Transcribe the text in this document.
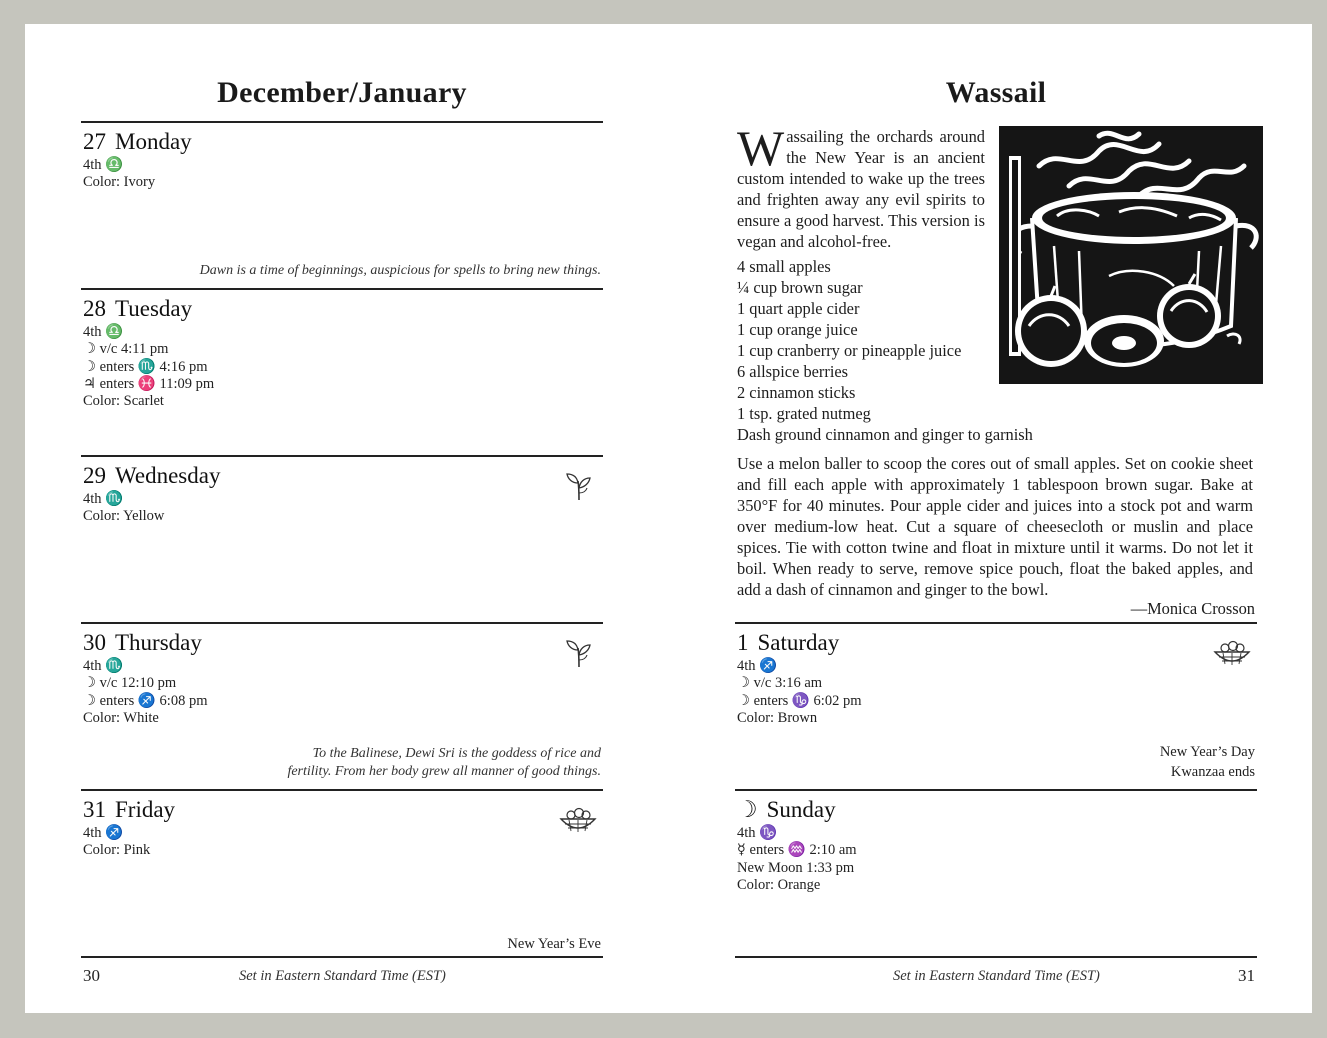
December/January
27 Monday
4th ♎
Color: Ivory
Dawn is a time of beginnings, auspicious for spells to bring new things.
28 Tuesday
4th ♎
☽ v/c 4:11 pm
☽ enters ♏ 4:16 pm
♃ enters ♓ 11:09 pm
Color: Scarlet
29 Wednesday
4th ♏
Color: Yellow
30 Thursday
4th ♏
☽ v/c 12:10 pm
☽ enters ♐ 6:08 pm
Color: White
To the Balinese, Dewi Sri is the goddess of rice and
fertility. From her body grew all manner of good things.
31 Friday
4th ♐
Color: Pink
New Year’s Eve
30	Set in Eastern Standard Time (EST)
Wassail
Wassailing the orchards around the New Year is an ancient custom intended to wake up the trees and frighten away any evil spirits to ensure a good harvest. This version is vegan and alcohol-free.
4 small apples
¼ cup brown sugar
1 quart apple cider
1 cup orange juice
1 cup cranberry or pineapple juice
6 allspice berries
2 cinnamon sticks
1 tsp. grated nutmeg
Dash ground cinnamon and ginger to garnish
Use a melon baller to scoop the cores out of small apples. Set on cookie sheet and fill each apple with approximately 1 tablespoon brown sugar. Bake at 350°F for 40 minutes. Pour apple cider and juices into a stock pot and warm over medium-low heat. Cut a square of cheesecloth or muslin and place spices. Tie with cotton twine and float in mixture until it warms. Do not let it boil. When ready to serve, remove spice pouch, float the baked apples, and add a dash of cinnamon and ginger to the bowl.
—Monica Crosson
1 Saturday
4th ♐
☽ v/c 3:16 am
☽ enters ♑ 6:02 pm
Color: Brown
New Year’s Day
Kwanzaa ends
☽ Sunday
4th ♑
☿ enters ♒ 2:10 am
New Moon 1:33 pm
Color: Orange
Set in Eastern Standard Time (EST)	31
